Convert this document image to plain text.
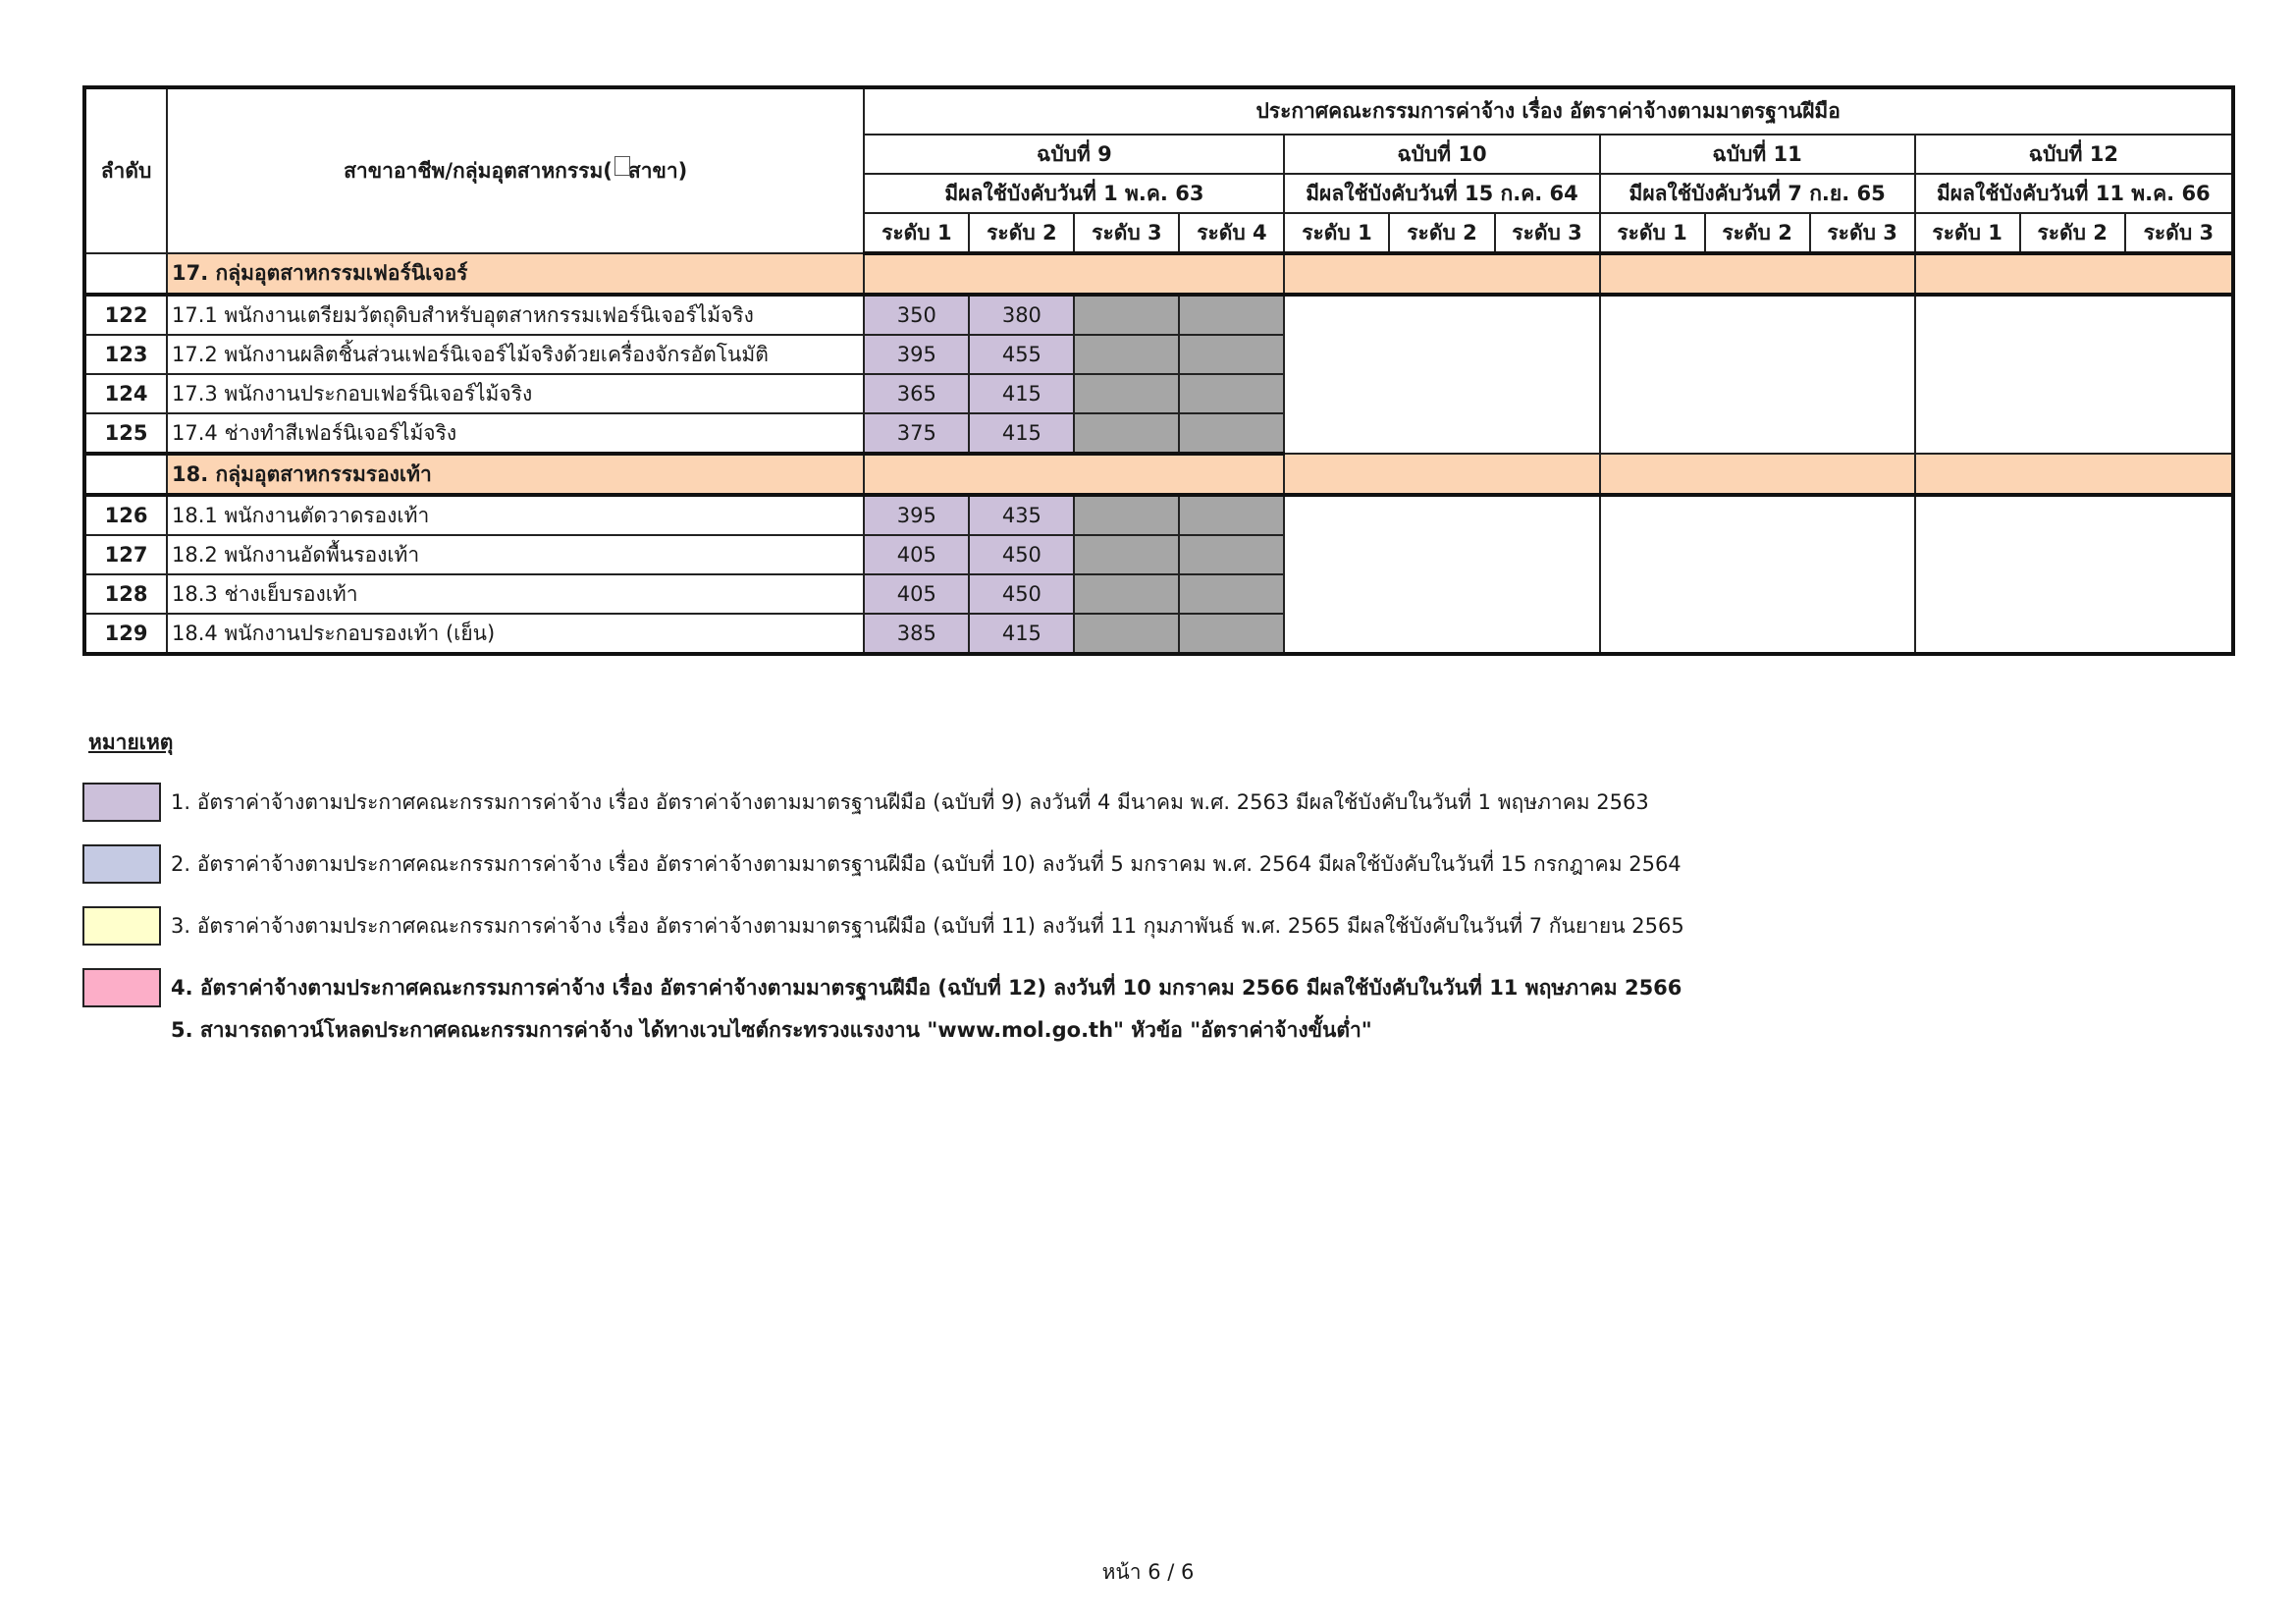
ลำดับ	สาขาอาชีพ/กลุ่มอุตสาหกรรม( สาขา)	ประกาศคณะกรรมการค่าจ้าง เรื่อง อัตราค่าจ้างตามมาตรฐานฝีมือ												
		ฉบับที่ 9				ฉบับที่ 10			ฉบับที่ 11			ฉบับที่ 12		
		มีผลใช้บังคับวันที่ 1 พ.ค. 63				มีผลใช้บังคับวันที่ 15 ก.ค. 64			มีผลใช้บังคับวันที่ 7 ก.ย. 65			มีผลใช้บังคับวันที่ 11 พ.ค. 66		
		ระดับ 1	ระดับ 2	ระดับ 3	ระดับ 4	ระดับ 1	ระดับ 2	ระดับ 3	ระดับ 1	ระดับ 2	ระดับ 3	ระดับ 1	ระดับ 2	ระดับ 3
	17. กลุ่มอุตสาหกรรมเฟอร์นิเจอร์													
122	17.1 พนักงานเตรียมวัตถุดิบสำหรับอุตสาหกรรมเฟอร์นิเจอร์ไม้จริง	350	380											
123	17.2 พนักงานผลิตชิ้นส่วนเฟอร์นิเจอร์ไม้จริงด้วยเครื่องจักรอัตโนมัติ	395	455											
124	17.3 พนักงานประกอบเฟอร์นิเจอร์ไม้จริง	365	415											
125	17.4 ช่างทำสีเฟอร์นิเจอร์ไม้จริง	375	415											
	18. กลุ่มอุตสาหกรรมรองเท้า													
126	18.1 พนักงานตัดวาดรองเท้า	395	435											
127	18.2 พนักงานอัดพื้นรองเท้า	405	450											
128	18.3 ช่างเย็บรองเท้า	405	450											
129	18.4 พนักงานประกอบรองเท้า (เย็น)	385	415											
หมายเหตุ
1. อัตราค่าจ้างตามประกาศคณะกรรมการค่าจ้าง เรื่อง อัตราค่าจ้างตามมาตรฐานฝีมือ (ฉบับที่ 9) ลงวันที่ 4 มีนาคม พ.ศ. 2563 มีผลใช้บังคับในวันที่ 1 พฤษภาคม 2563
2. อัตราค่าจ้างตามประกาศคณะกรรมการค่าจ้าง เรื่อง อัตราค่าจ้างตามมาตรฐานฝีมือ (ฉบับที่ 10) ลงวันที่ 5 มกราคม พ.ศ. 2564 มีผลใช้บังคับในวันที่ 15 กรกฎาคม 2564
3. อัตราค่าจ้างตามประกาศคณะกรรมการค่าจ้าง เรื่อง อัตราค่าจ้างตามมาตรฐานฝีมือ (ฉบับที่ 11) ลงวันที่ 11 กุมภาพันธ์ พ.ศ. 2565 มีผลใช้บังคับในวันที่ 7 กันยายน 2565
4. อัตราค่าจ้างตามประกาศคณะกรรมการค่าจ้าง เรื่อง อัตราค่าจ้างตามมาตรฐานฝีมือ (ฉบับที่ 12) ลงวันที่ 10 มกราคม 2566 มีผลใช้บังคับในวันที่ 11 พฤษภาคม 2566
5. สามารถดาวน์โหลดประกาศคณะกรรมการค่าจ้าง ได้ทางเวบไซต์กระทรวงแรงงาน "www.mol.go.th" หัวข้อ "อัตราค่าจ้างขั้นต่ำ"
หน้า 6 / 6
